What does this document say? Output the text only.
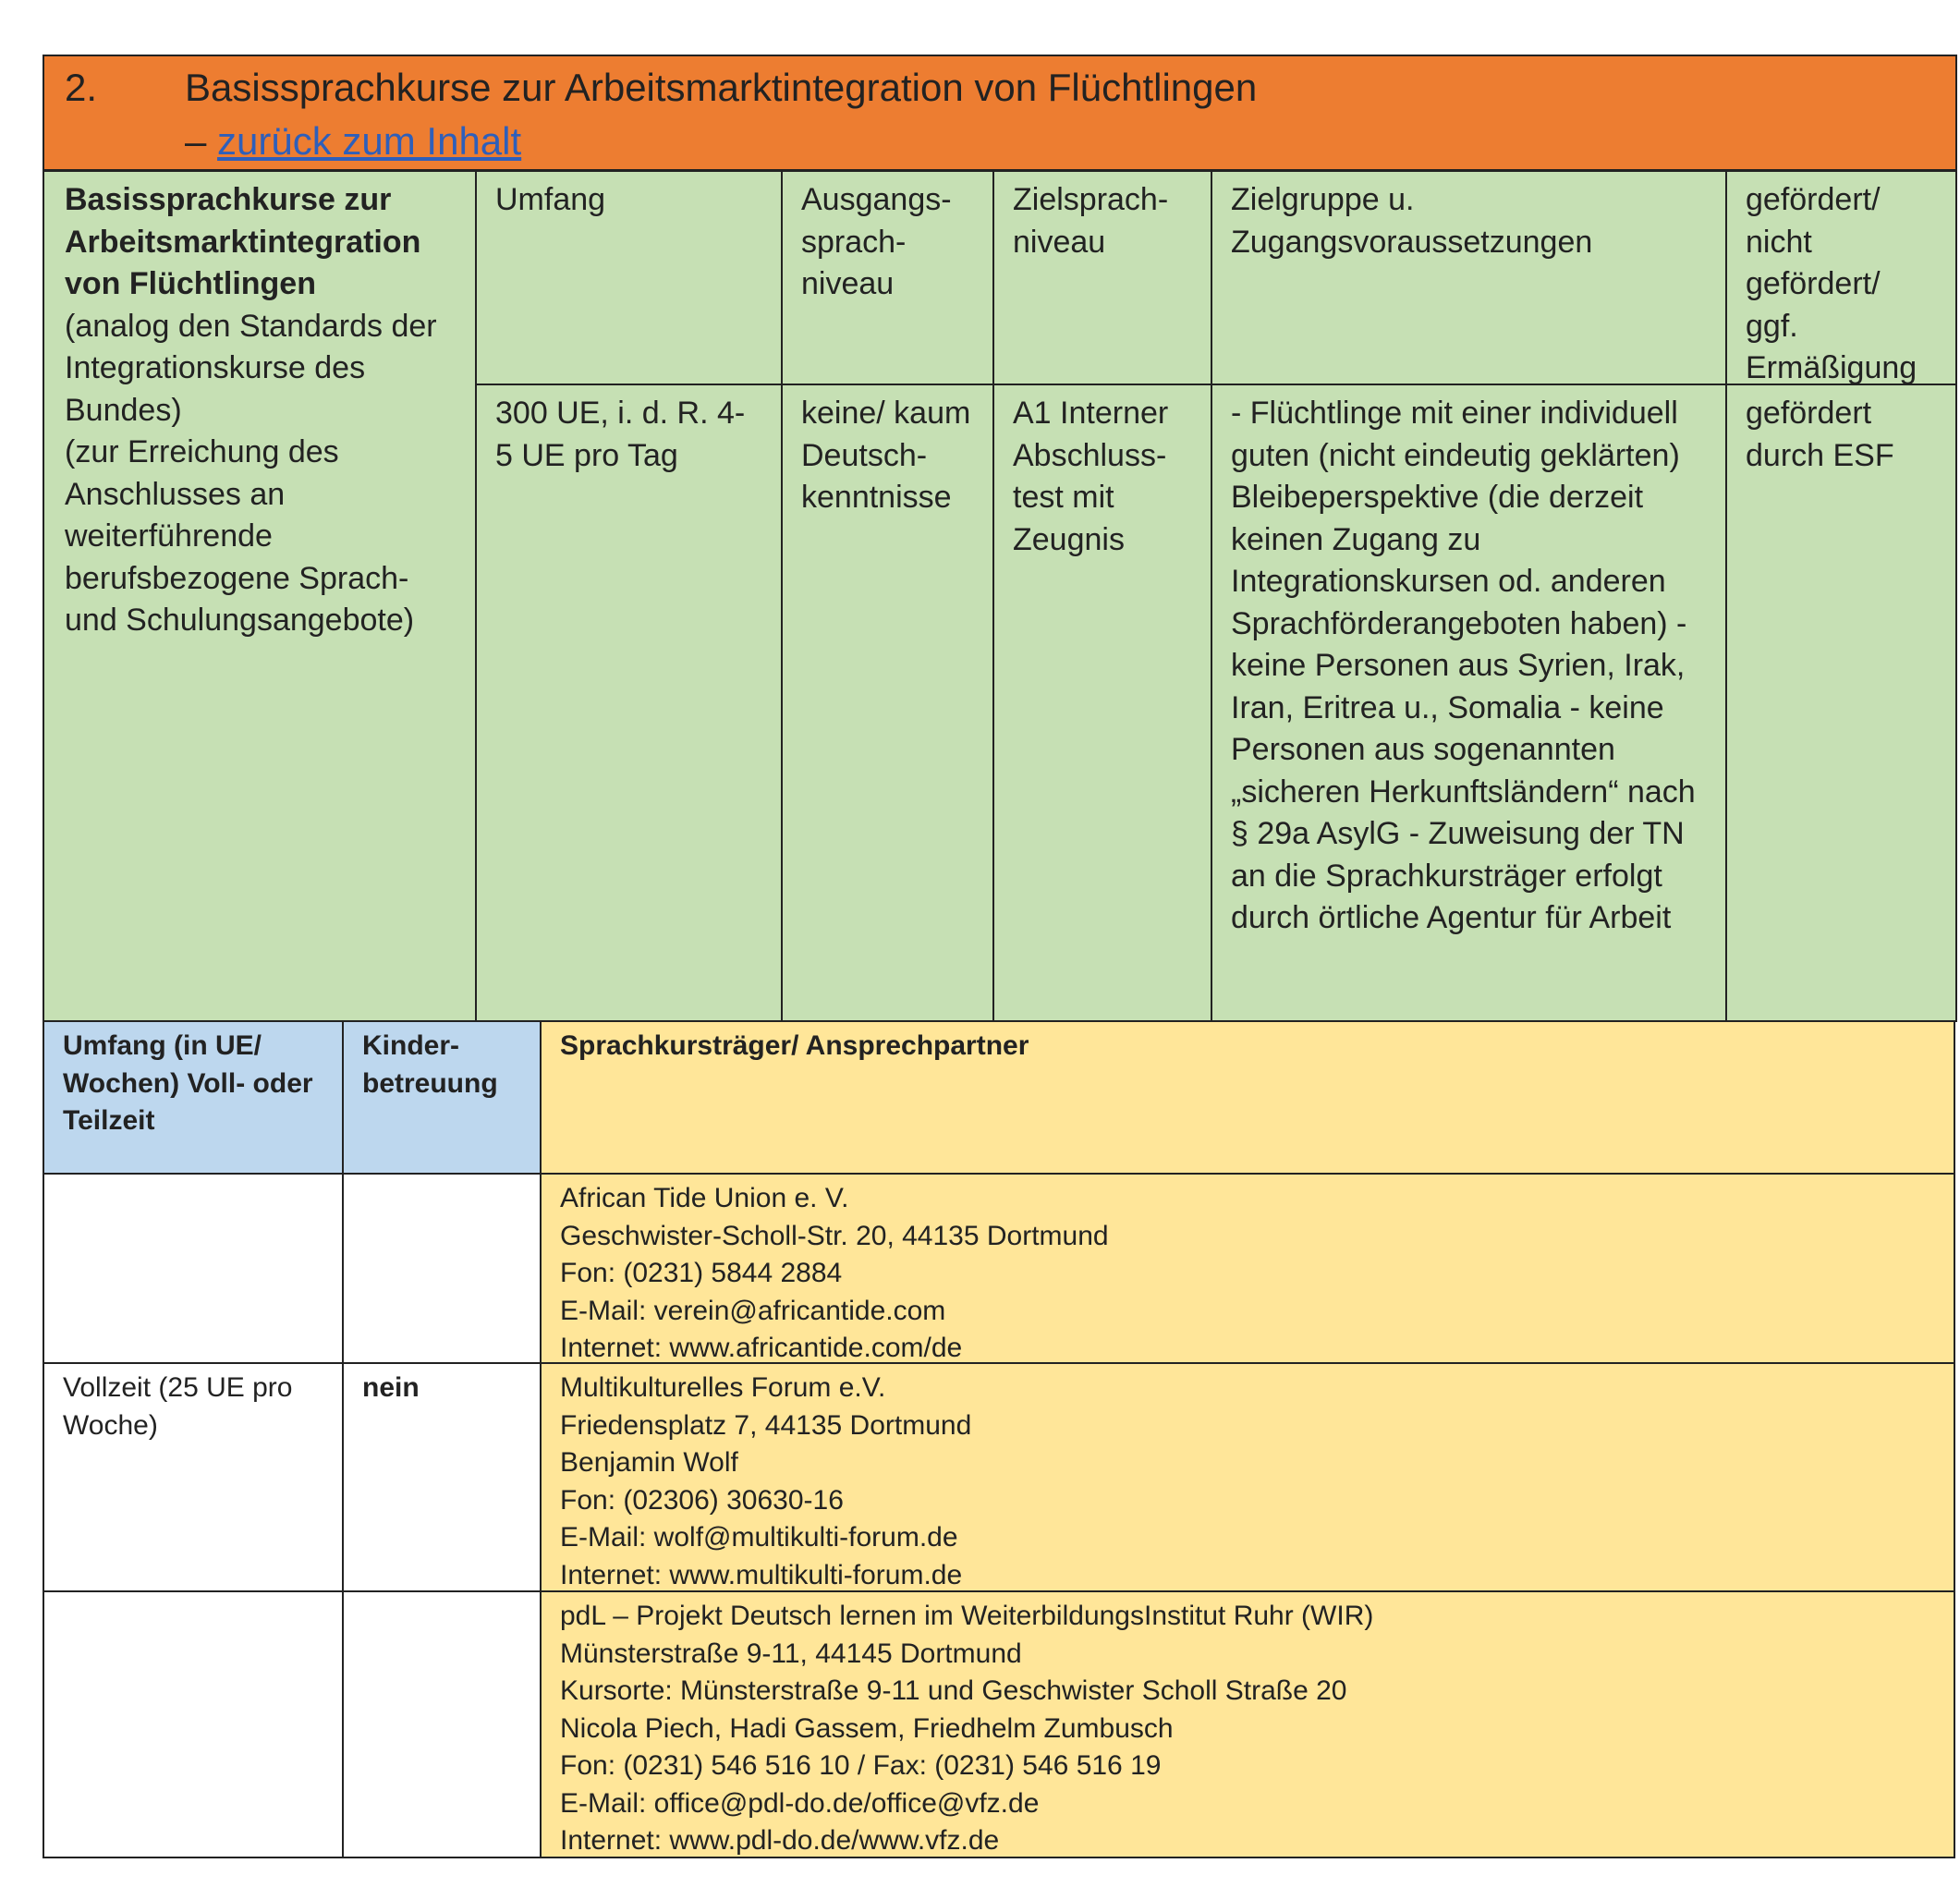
2. Basissprachkurse zur Arbeitsmarktintegration von Flüchtlingen
– zurück zum Inhalt
Basissprachkurse zur Arbeitsmarktintegration von Flüchtlingen
(analog den Standards der Integrationskurse des Bundes)
(zur Erreichung des Anschlusses an weiterführende berufsbezogene Sprach- und Schulungsangebote)
Umfang	Ausgangs- sprach- niveau
Zielsprach- niveau
Zielgruppe u. Zugangsvoraussetzungen
gefördert/ nicht gefördert/ ggf. Ermäßigung
300 UE, i. d. R. 4-5 UE pro Tag
keine/ kaum Deutsch- kenntnisse
A1 Interner Abschluss- test mit Zeugnis
- Flüchtlinge mit einer individuell guten (nicht eindeutig geklärten) Bleibeperspektive (die derzeit keinen Zugang zu Integrationskursen od. anderen Sprachförderangeboten haben) - keine Personen aus Syrien, Irak, Iran, Eritrea u., Somalia - keine Personen aus sogenannten „sicheren Herkunftsländern“ nach § 29a AsylG - Zuweisung der TN an die Sprachkursträger erfolgt durch örtliche Agentur für Arbeit
gefördert durch ESF
Umfang (in UE/
Wochen) Voll- oder
Teilzeit
Kinder-
betreuung
Sprachkursträger/ Ansprechpartner
African Tide Union e. V.
Geschwister-Scholl-Str. 20, 44135 Dortmund
Fon: (0231) 5844 2884
E-Mail: verein@africantide.com
Internet: www.africantide.com/de
Vollzeit (25 UE pro
Woche)
nein	Multikulturelles Forum e.V.
Friedensplatz 7, 44135 Dortmund
Benjamin Wolf
Fon: (02306) 30630-16
E-Mail: wolf@multikulti-forum.de
Internet: www.multikulti-forum.de
pdL – Projekt Deutsch lernen im WeiterbildungsInstitut Ruhr (WIR)
Münsterstraße 9-11, 44145 Dortmund
Kursorte: Münsterstraße 9-11 und Geschwister Scholl Straße 20
Nicola Piech, Hadi Gassem, Friedhelm Zumbusch
Fon: (0231) 546 516 10 / Fax: (0231) 546 516 19
E-Mail: office@pdl-do.de/office@vfz.de
Internet: www.pdl-do.de/www.vfz.de
